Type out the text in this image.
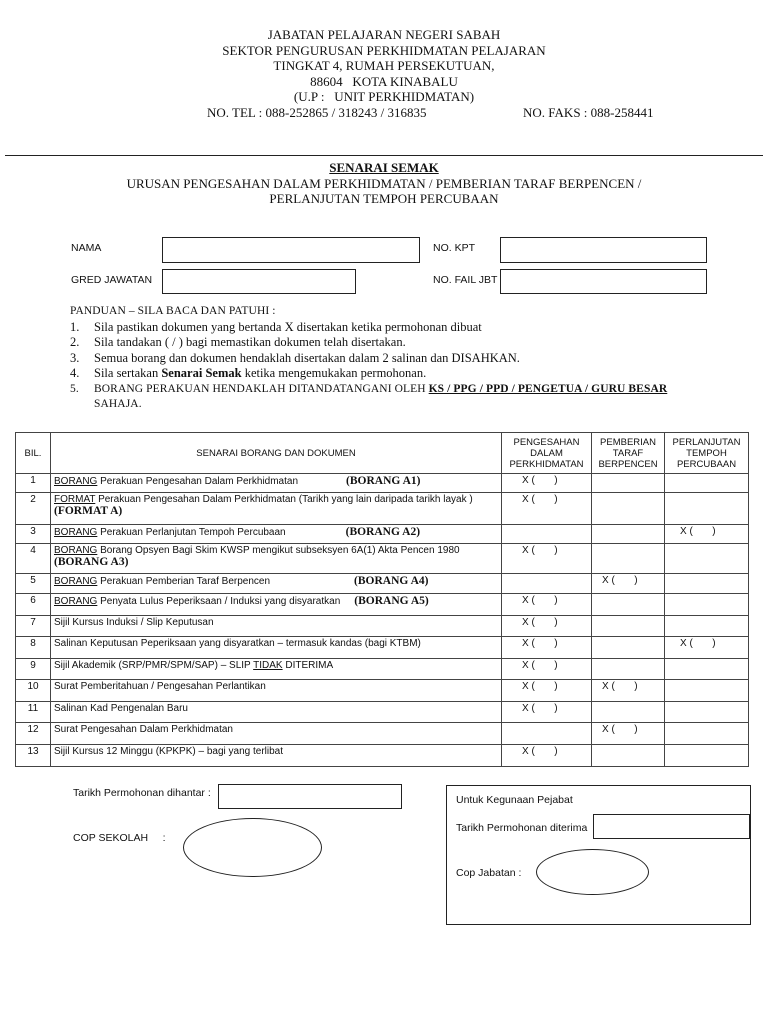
JABATAN PELAJARAN NEGERI SABAH
SEKTOR PENGURUSAN PERKHIDMATAN PELAJARAN
TINGKAT 4, RUMAH PERSEKUTUAN,
88604   KOTA KINABALU
(U.P :   UNIT PERKHIDMATAN)
NO. TEL : 088-252865 / 318243 / 316835	NO. FAKS : 088-258441
SENARAI SEMAK
URUSAN PENGESAHAN DALAM PERKHIDMATAN / PEMBERIAN TARAF BERPENCEN /
PERLANJUTAN TEMPOH PERCUBAAN
NAMA	NO. KPT
GRED JAWATAN	NO. FAIL JBT
PANDUAN – SILA BACA DAN PATUHI :
1. Sila pastikan dokumen yang bertanda X disertakan ketika permohonan dibuat
2. Sila tandakan ( / ) bagi memastikan dokumen telah disertakan.
3. Semua borang dan dokumen hendaklah disertakan dalam 2 salinan dan DISAHKAN.
4. Sila sertakan Senarai Semak ketika mengemukakan permohonan.
5. BORANG PERAKUAN HENDAKLAH DITANDATANGANI OLEH KS / PPG / PPD / PENGETUA / GURU BESAR
SAHAJA.
BIL.	SENARAI BORANG DAN DOKUMEN	PENGESAHAN DALAM PERKHIDMATAN	PEMBERIAN TARAF BERPENCEN	PERLANJUTAN TEMPOH PERCUBAAN
1	BORANG Perakuan Pengesahan Dalam Perkhidmatan (BORANG A1)	X (       )		
2	FORMAT Perakuan Pengesahan Dalam Perkhidmatan (Tarikh yang lain daripada tarikh layak )
(FORMAT A)	X (       )		
3	BORANG Perakuan Perlanjutan Tempoh Percubaan (BORANG A2)			X (       )
4	BORANG Borang Opsyen Bagi Skim KWSP mengikut subseksyen 6A(1) Akta Pencen 1980
(BORANG A3)	X (       )		
5	BORANG Perakuan Pemberian Taraf Berpencen (BORANG A4)		X (       )	
6	BORANG Penyata Lulus Peperiksaan / Induksi yang disyaratkan (BORANG A5)	X (       )		
7	Sijil Kursus Induksi / Slip Keputusan	X (       )		
8	Salinan Keputusan Peperiksaan yang disyaratkan – termasuk kandas (bagi KTBM)	X (       )		X (       )
9	Sijil Akademik (SRP/PMR/SPM/SAP) – SLIP TIDAK DITERIMA	X (       )		
10	Surat Pemberitahuan / Pengesahan Perlantikan	X (       )	X (       )	
11	Salinan Kad Pengenalan Baru	X (       )		
12	Surat Pengesahan Dalam Perkhidmatan		X (       )	
13	Sijil Kursus 12 Minggu (KPKPK) – bagi yang terlibat	X (       )		
Tarikh Permohonan dihantar :
COP SEKOLAH     :
Untuk Kegunaan Pejabat
Tarikh Permohonan diterima
Cop Jabatan :
